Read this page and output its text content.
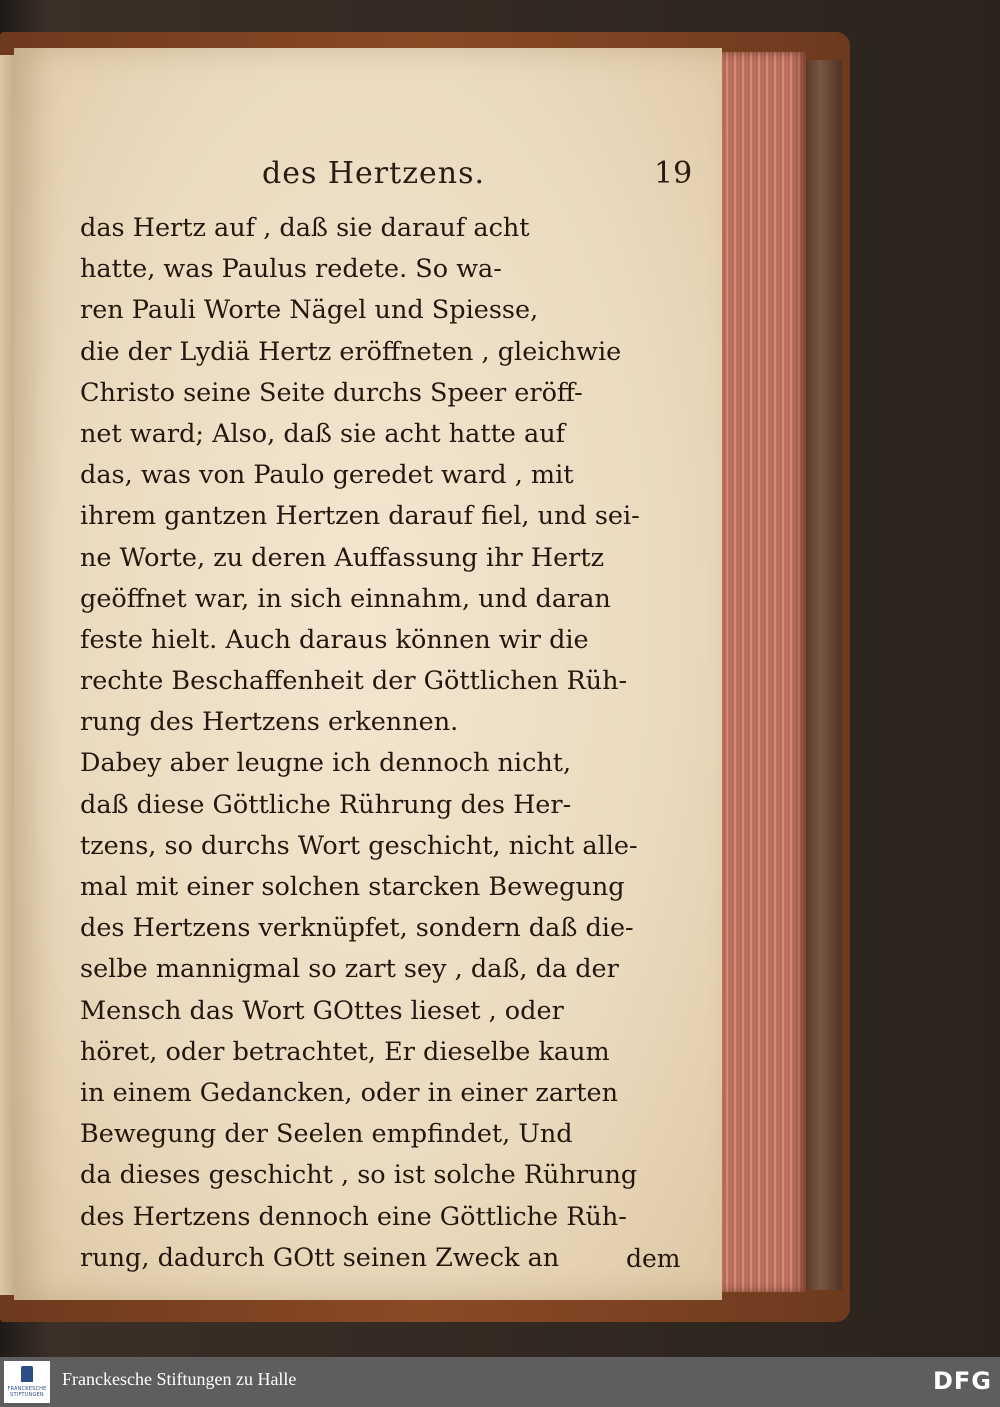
des Hertzens.	19
das Hertz auf , daß sie darauf acht
hatte, was Paulus redete. So wa-
ren Pauli Worte Nägel und Spiesse,
die der Lydiä Hertz eröffneten , gleichwie
Christo seine Seite durchs Speer eröff-
net ward; Also, daß sie acht hatte auf
das, was von Paulo geredet ward , mit
ihrem gantzen Hertzen darauf fiel, und sei-
ne Worte, zu deren Auffassung ihr Hertz
geöffnet war, in sich einnahm, und daran
feste hielt. Auch daraus können wir die
rechte Beschaffenheit der Göttlichen Rüh-
rung des Hertzens erkennen.
Dabey aber leugne ich dennoch nicht,
daß diese Göttliche Rührung des Her-
tzens, so durchs Wort geschicht, nicht alle-
mal mit einer solchen starcken Bewegung
des Hertzens verknüpfet, sondern daß die-
selbe mannigmal so zart sey , daß, da der
Mensch das Wort GOttes lieset , oder
höret, oder betrachtet, Er dieselbe kaum
in einem Gedancken, oder in einer zarten
Bewegung der Seelen empfindet, Und
da dieses geschicht , so ist solche Rührung
des Hertzens dennoch eine Göttliche Rüh-
rung, dadurch GOtt seinen Zweck an	dem
FRANCKESCHE STIFTUNGEN
Franckesche Stiftungen zu Halle	DFG
